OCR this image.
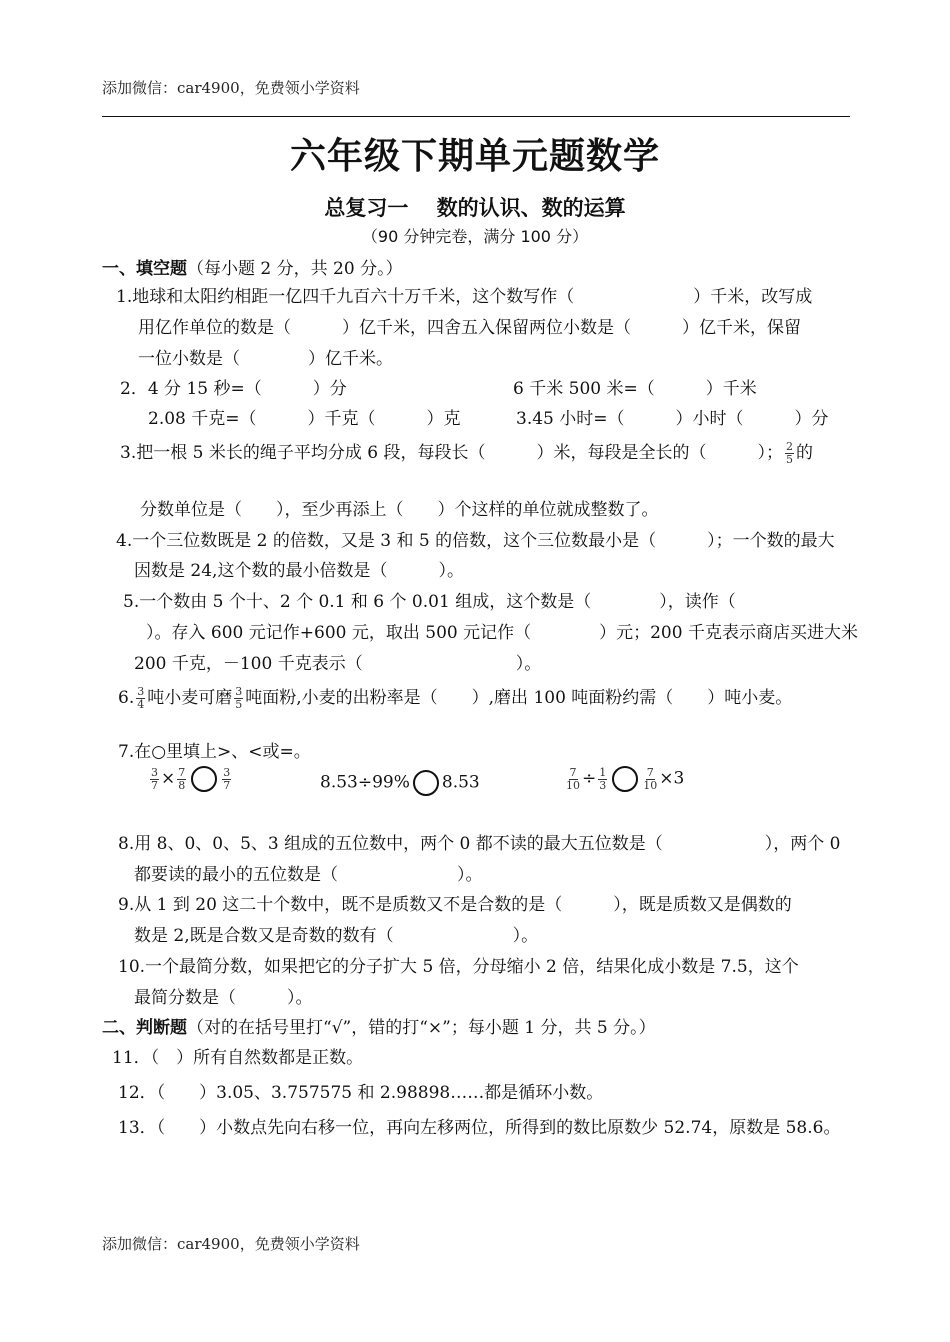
添加微信：car4900，免费领小学资料
六年级下期单元题数学
总复习一　 数的认识、数的运算
（90 分钟完卷，满分 100 分）
一、填空题（每小题 2 分，共 20 分。）
1.地球和太阳约相距一亿四千九百六十万千米，这个数写作（　　　　　　　）千米，改写成
用亿作单位的数是（　　　）亿千米，四舍五入保留两位小数是（　　　）亿千米，保留
一位小数是（　　　　）亿千米。
2．4 分 15 秒=（　　　）分	6 千米 500 米=（　　　）千米
2.08 千克=（　　　）千克（　　　）克	3.45 小时=（　　　）小时（　　　）分
3.把一根 5 米长的绳子平均分成 6 段，每段长（　　　）米，每段是全长的（　　　）； $\frac{2}{5}$ 的
分数单位是（　　），至少再添上（　　）个这样的单位就成整数了。
4.一个三位数既是 2 的倍数，又是 3 和 5 的倍数，这个三位数最小是（　　　）；一个数的最大
因数是 24,这个数的最小倍数是（　　　）。
5.一个数由 5 个十、2 个 0.1 和 6 个 0.01 组成，这个数是（　　　　），读作（
）。存入 600 元记作+600 元，取出 500 元记作（　　　　）元；200 千克表示商店买进大米
200 千克，－100 千克表示（　　　　　　　　　）。
6. $\frac{3}{4}$ 吨小麦可磨 $\frac{3}{5}$ 吨面粉,小麦的出粉率是（　　）,磨出 100 吨面粉约需（　　）吨小麦。
7.在○里填上>、<或=。
$\frac{3}{7} \times \frac{7}{8}$	$\frac{3}{7}$	8.53÷99% 8.53	$\frac{7}{10} \div \frac{1}{3}$	$\frac{7}{10} \times 3$
8.用 8、0、0、5、3 组成的五位数中，两个 0 都不读的最大五位数是（　　　　　　），两个 0
都要读的最小的五位数是（　　　　　　　）。
9.从 1 到 20 这二十个数中，既不是质数又不是合数的是（　　　），既是质数又是偶数的
数是 2,既是合数又是奇数的数有（　　　　　　　）。
10.一个最简分数，如果把它的分子扩大 5 倍，分母缩小 2 倍，结果化成小数是 7.5，这个
最简分数是（　　　）。
二、判断题（对的在括号里打“√”，错的打“×”；每小题 1 分，共 5 分。）
11．（　）所有自然数都是正数。
12．（　　）3.05、3.757575 和 2.98898……都是循环小数。
13．（　　）小数点先向右移一位，再向左移两位，所得到的数比原数少 52.74，原数是 58.6。
添加微信：car4900，免费领小学资料
